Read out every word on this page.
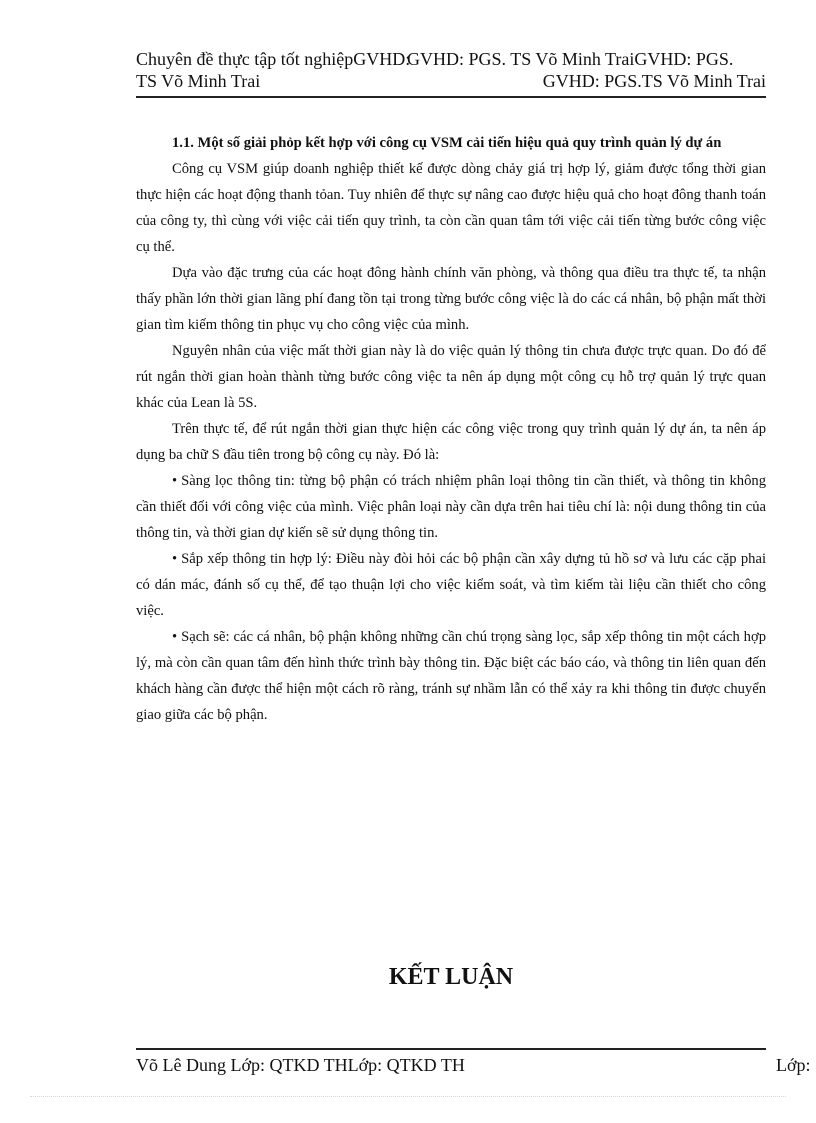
Chuyên đề thực tập tốt nghiệpGVHD:
GVHD: PGS. TS Võ Minh TraiGVHD: PGS.
TS Võ Minh Trai	GVHD: PGS.TS Võ Minh Trai

1.1. Một số giải phỏp kết hợp với công cụ VSM cải tiến hiệu quả quy trình quản lý dự án

Công cụ VSM giúp doanh nghiệp thiết kế được dòng chảy giá trị hợp lý, giảm được tổng thời gian thực hiện các hoạt động thanh tỏan. Tuy nhiên để thực sự nâng cao được hiệu quả cho hoạt đông thanh toán của công ty, thì cùng với việc cải tiến quy trình, ta còn cần quan tâm tới việc cải tiến từng bước công việc cụ thể.

Dựa vào đặc trưng của các hoạt đông hành chính văn phòng, và thông qua điều tra thực tế, ta nhận thấy phần lớn thời gian lãng phí đang tồn tại trong từng bước công việc là do các cá nhân, bộ phận mất thời gian tìm kiếm thông tin phục vụ cho công việc của mình.

Nguyên nhân của việc mất thời gian này là do việc quản lý thông tin chưa được trực quan. Do đó để rút ngắn thời gian hoàn thành từng bước công việc ta nên áp dụng một công cụ hỗ trợ quản lý trực quan khác của Lean là 5S.

Trên thực tế, để rút ngắn thời gian thực hiện các công việc trong quy trình quản lý dự án, ta nên áp dụng ba chữ S đầu tiên trong bộ công cụ này. Đó là:

• Sàng lọc thông tin: từng bộ phận có trách nhiệm phân loại thông tin cần thiết, và thông tin không cần thiết đối với công việc của mình. Việc phân loại này cần dựa trên hai tiêu chí là: nội dung thông tin của thông tin, và thời gian dự kiến sẽ sử dụng thông tin.

• Sắp xếp thông tin hợp lý: Điều này đòi hỏi các bộ phận cần xây dựng tủ hồ sơ và lưu các cặp phai có dán mác, đánh số cụ thể, để tạo thuận lợi cho việc kiểm soát, và tìm kiếm tài liệu cần thiết cho công việc.

• Sạch sẽ: các cá nhân, bộ phận không những cần chú trọng sàng lọc, sắp xếp thông tin một cách hợp lý, mà còn cần quan tâm đến hình thức trình bày thông tin. Đặc biệt các báo cáo, và thông tin liên quan đến khách hàng cần được thể hiện một cách rõ ràng, tránh sự nhầm lẫn có thể xảy ra khi thông tin được chuyển giao giữa các bộ phận.

KẾT LUẬN
Võ Lê Dung Lớp: QTKD THLớp: QTKD TH	Lớp:
